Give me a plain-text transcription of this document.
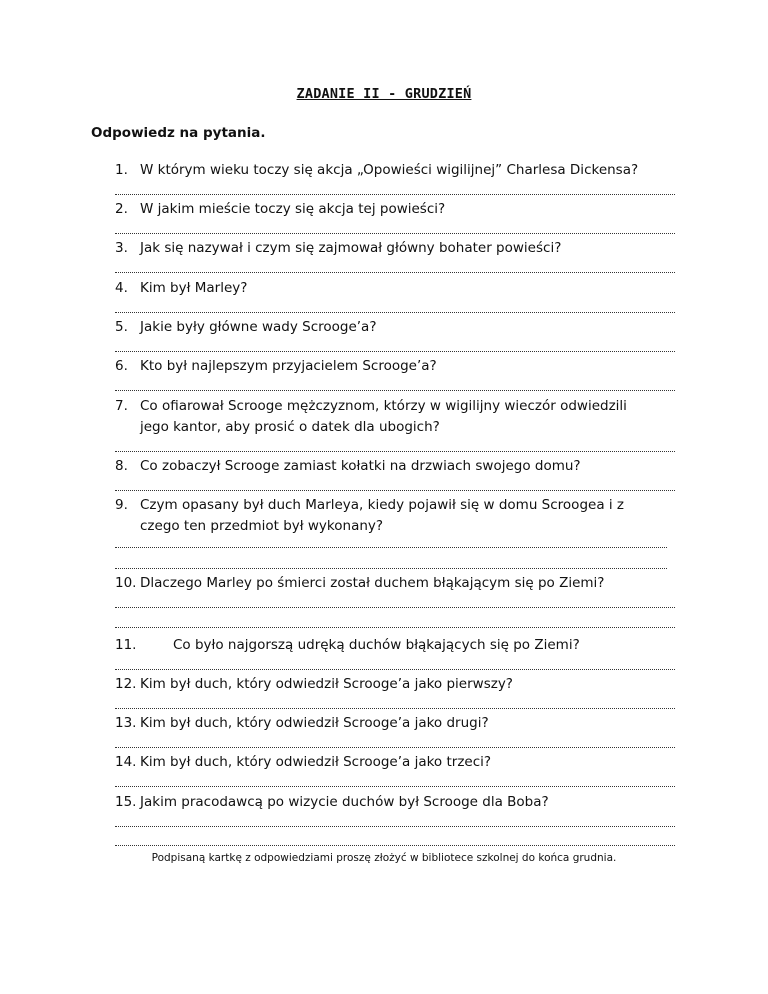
ZADANIE II - GRUDZIEŃ
Odpowiedz na pytania.
1. W którym wieku toczy się akcja „Opowieści wigilijnej” Charlesa Dickensa?
2. W jakim mieście toczy się akcja tej powieści?
3. Jak się nazywał i czym się zajmował główny bohater powieści?
4. Kim był Marley?
5. Jakie były główne wady Scrooge’a?
6. Kto był najlepszym przyjacielem Scrooge’a?
7. Co ofiarował Scrooge mężczyznom, którzy w wigilijny wieczór odwiedzili
jego kantor, aby prosić o datek dla ubogich?
8. Co zobaczył Scrooge zamiast kołatki na drzwiach swojego domu?
9. Czym opasany był duch Marleya, kiedy pojawił się w domu Scroogea i z
czego ten przedmiot był wykonany?
10. Dlaczego Marley po śmierci został duchem błąkającym się po Ziemi?
11.	Co było najgorszą udręką duchów błąkających się po Ziemi?
12. Kim był duch, który odwiedził Scrooge’a jako pierwszy?
13. Kim był duch, który odwiedził Scrooge’a jako drugi?
14. Kim był duch, który odwiedził Scrooge’a jako trzeci?
15. Jakim pracodawcą po wizycie duchów był Scrooge dla Boba?
Podpisaną kartkę z odpowiedziami proszę złożyć w bibliotece szkolnej do końca grudnia.
